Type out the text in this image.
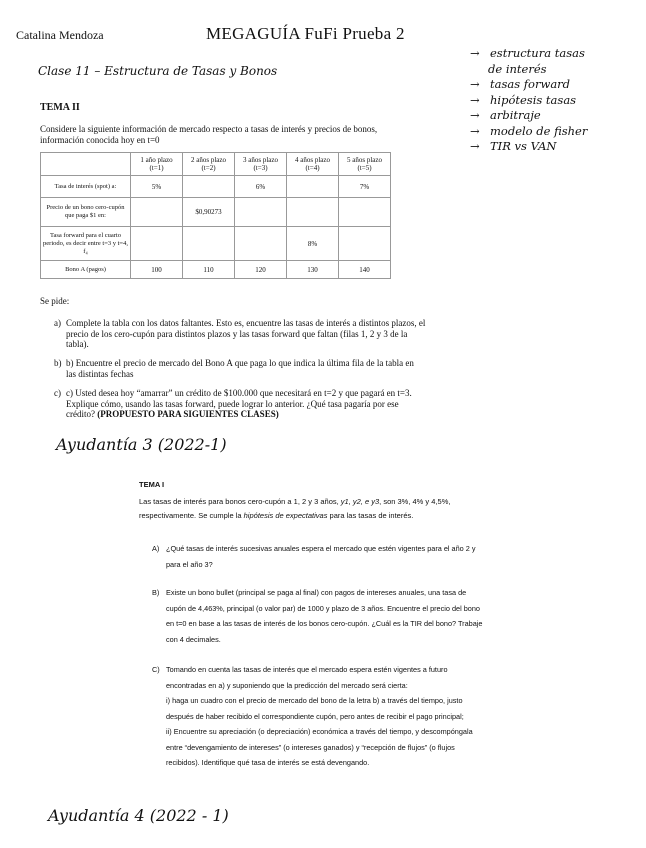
Catalina Mendoza	MEGAGUÍA FuFi Prueba 2
→ estructura tasas
de interés
→ tasas forward
→ hipótesis tasas
→ arbitraje
→ modelo de fisher
→ TIR vs VAN
Clase 11 – Estructura de Tasas y Bonos
TEMA II
Considere la siguiente información de mercado respecto a tasas de interés y precios de bonos, información conocida hoy en t=0
	1 año plazo (t=1)	2 años plazo (t=2)	3 años plazo (t=3)	4 años plazo (t=4)	5 años plazo (t=5)
Tasa de interés (spot) a:	5%		6%		7%
Precio de un bono cero-cupón que paga $1 en:		$0,90273			
Tasa forward para el cuarto periodo, es decir entre t=3 y t=4, f₄				8%	
Bono A (pagos)	100	110	120	130	140
Se pide:
a) Complete la tabla con los datos faltantes. Esto es, encuentre las tasas de interés a distintos plazos, el precio de los cero-cupón para distintos plazos y las tasas forward que faltan (filas 1, 2 y 3 de la tabla).
b) b) Encuentre el precio de mercado del Bono A que paga lo que indica la última fila de la tabla en las distintas fechas
c) c) Usted desea hoy “amarrar” un crédito de $100.000 que necesitará en t=2 y que pagará en t=3. Explique cómo, usando las tasas forward, puede lograr lo anterior. ¿Qué tasa pagaría por ese crédito? (PROPUESTO PARA SIGUIENTES CLASES)
Ayudantía 3 (2022-1)
TEMA I
Las tasas de interés para bonos cero-cupón a 1, 2 y 3 años, y1, y2, e y3, son 3%, 4% y 4,5%, respectivamente. Se cumple la hipótesis de expectativas para las tasas de interés.
A) ¿Qué tasas de interés sucesivas anuales espera el mercado que estén vigentes para el año 2 y para el año 3?
B) Existe un bono bullet (principal se paga al final) con pagos de intereses anuales, una tasa de cupón de 4,463%, principal (o valor par) de 1000 y plazo de 3 años. Encuentre el precio del bono en t=0 en base a las tasas de interés de los bonos cero-cupón. ¿Cuál es la TIR del bono? Trabaje con 4 decimales.
C) Tomando en cuenta las tasas de interés que el mercado espera estén vigentes a futuro encontradas en a) y suponiendo que la predicción del mercado será cierta:
i) haga un cuadro con el precio de mercado del bono de la letra b) a través del tiempo, justo después de haber recibido el correspondiente cupón, pero antes de recibir el pago principal;
ii) Encuentre su apreciación (o depreciación) económica a través del tiempo, y descompóngala entre “devengamiento de intereses” (o intereses ganados) y “recepción de flujos” (o flujos recibidos). Identifique qué tasa de interés se está devengando.
Ayudantía 4 (2022 - 1)
